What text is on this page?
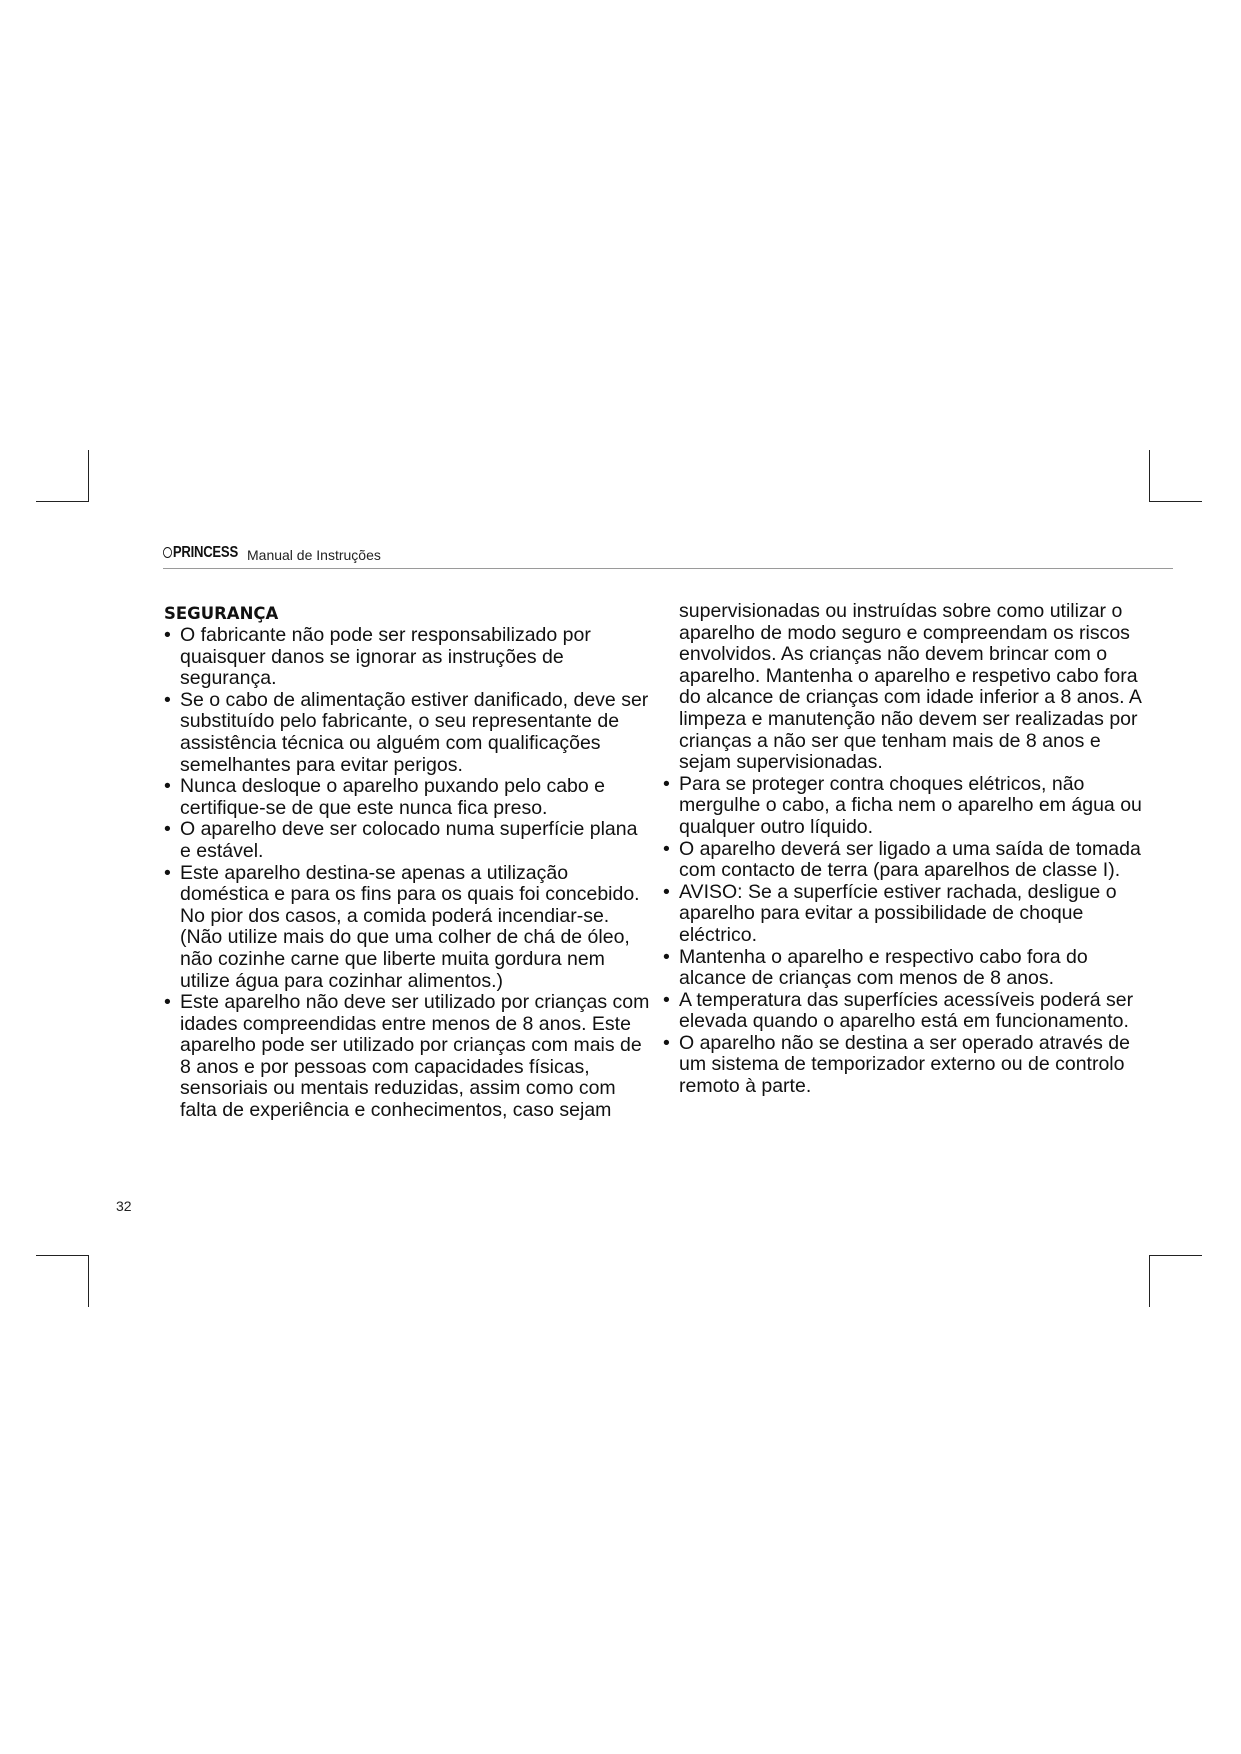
PRINCESS Manual de Instruções
SEGURANÇA
• O fabricante não pode ser responsabilizado por quaisquer danos se ignorar as instruções de segurança.
• Se o cabo de alimentação estiver danificado, deve ser substituído pelo fabricante, o seu representante de assistência técnica ou alguém com qualificações semelhantes para evitar perigos.
• Nunca desloque o aparelho puxando pelo cabo e certifique-se de que este nunca fica preso.
• O aparelho deve ser colocado numa superfície plana e estável.
• Este aparelho destina-se apenas a utilização doméstica e para os fins para os quais foi concebido. No pior dos casos, a comida poderá incendiar-se. (Não utilize mais do que uma colher de chá de óleo, não cozinhe carne que liberte muita gordura nem utilize água para cozinhar alimentos.)
• Este aparelho não deve ser utilizado por crianças com idades compreendidas entre menos de 8 anos. Este aparelho pode ser utilizado por crianças com mais de 8 anos e por pessoas com capacidades físicas, sensoriais ou mentais reduzidas, assim como com falta de experiência e conhecimentos, caso sejam
supervisionadas ou instruídas sobre como utilizar o aparelho de modo seguro e compreendam os riscos envolvidos. As crianças não devem brincar com o aparelho. Mantenha o aparelho e respetivo cabo fora do alcance de crianças com idade inferior a 8 anos. A limpeza e manutenção não devem ser realizadas por crianças a não ser que tenham mais de 8 anos e sejam supervisionadas.
• Para se proteger contra choques elétricos, não mergulhe o cabo, a ficha nem o aparelho em água ou qualquer outro líquido.
• O aparelho deverá ser ligado a uma saída de tomada com contacto de terra (para aparelhos de classe I).
• AVISO: Se a superfície estiver rachada, desligue o aparelho para evitar a possibilidade de choque eléctrico.
• Mantenha o aparelho e respectivo cabo fora do alcance de crianças com menos de 8 anos.
• A temperatura das superfícies acessíveis poderá ser elevada quando o aparelho está em funcionamento.
• O aparelho não se destina a ser operado através de um sistema de temporizador externo ou de controlo remoto à parte.
32
